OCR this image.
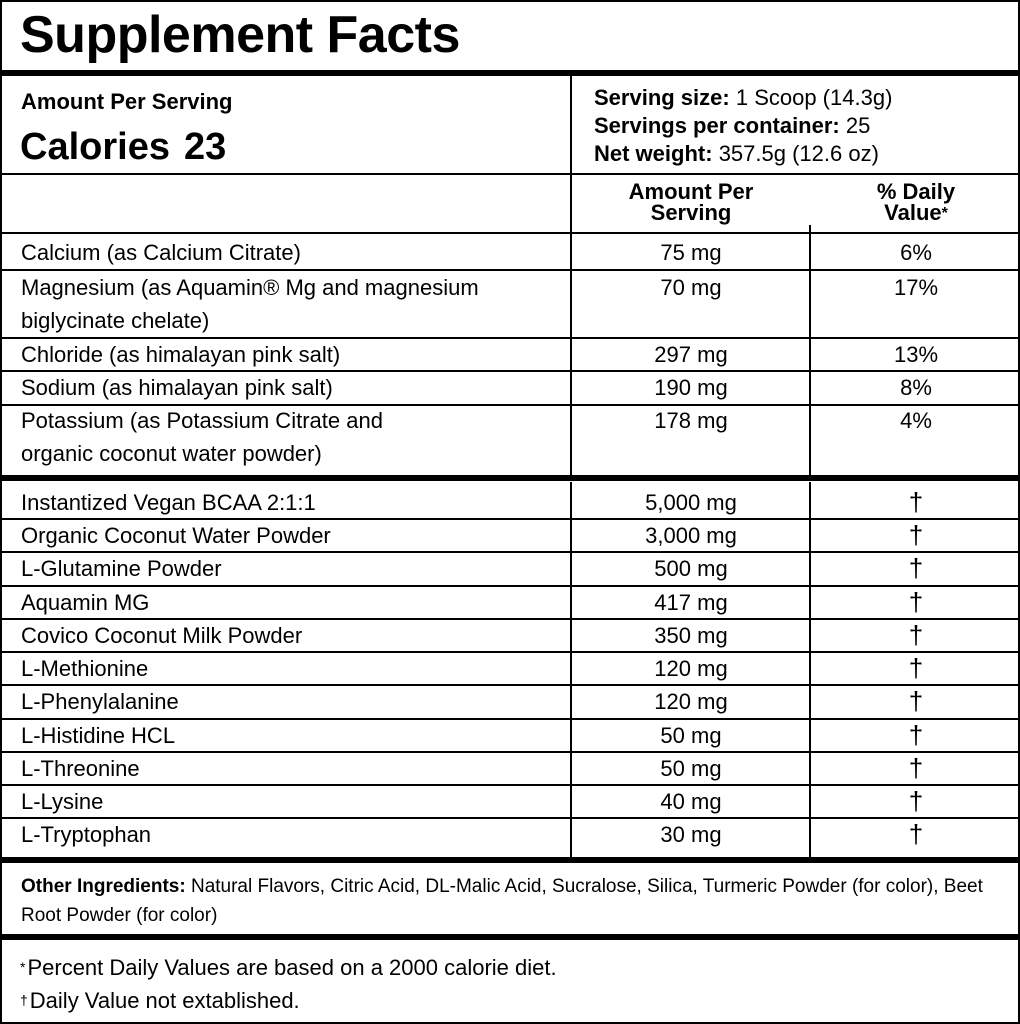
Supplement Facts
Amount Per Serving
Calories 23
Serving size: 1 Scoop (14.3g)
Servings per container: 25
Net weight: 357.5g (12.6 oz)
Amount Per
Serving
% Daily
Value*
Calcium (as Calcium Citrate)	75 mg	6%
Magnesium (as Aquamin® Mg and magnesium
biglycinate chelate)
70 mg	17%
Chloride (as himalayan pink salt)	297 mg	13%
Sodium (as himalayan pink salt)	190 mg	8%
Potassium (as Potassium Citrate and
organic coconut water powder)
178 mg	4%
Instantized Vegan BCAA 2:1:1	5,000 mg	†
Organic Coconut Water Powder	3,000 mg	†
L-Glutamine Powder	500 mg	†
Aquamin MG	417 mg	†
Covico Coconut Milk Powder	350 mg	†
L-Methionine	120 mg	†
L-Phenylalanine	120 mg	†
L-Histidine HCL	50 mg	†
L-Threonine	50 mg	†
L-Lysine	40 mg	†
L-Tryptophan	30 mg	†
Other Ingredients: Natural Flavors, Citric Acid, DL-Malic Acid, Sucralose, Silica, Turmeric Powder (for color), Beet Root Powder (for color)
*Percent Daily Values are based on a 2000 calorie diet.
†Daily Value not extablished.
